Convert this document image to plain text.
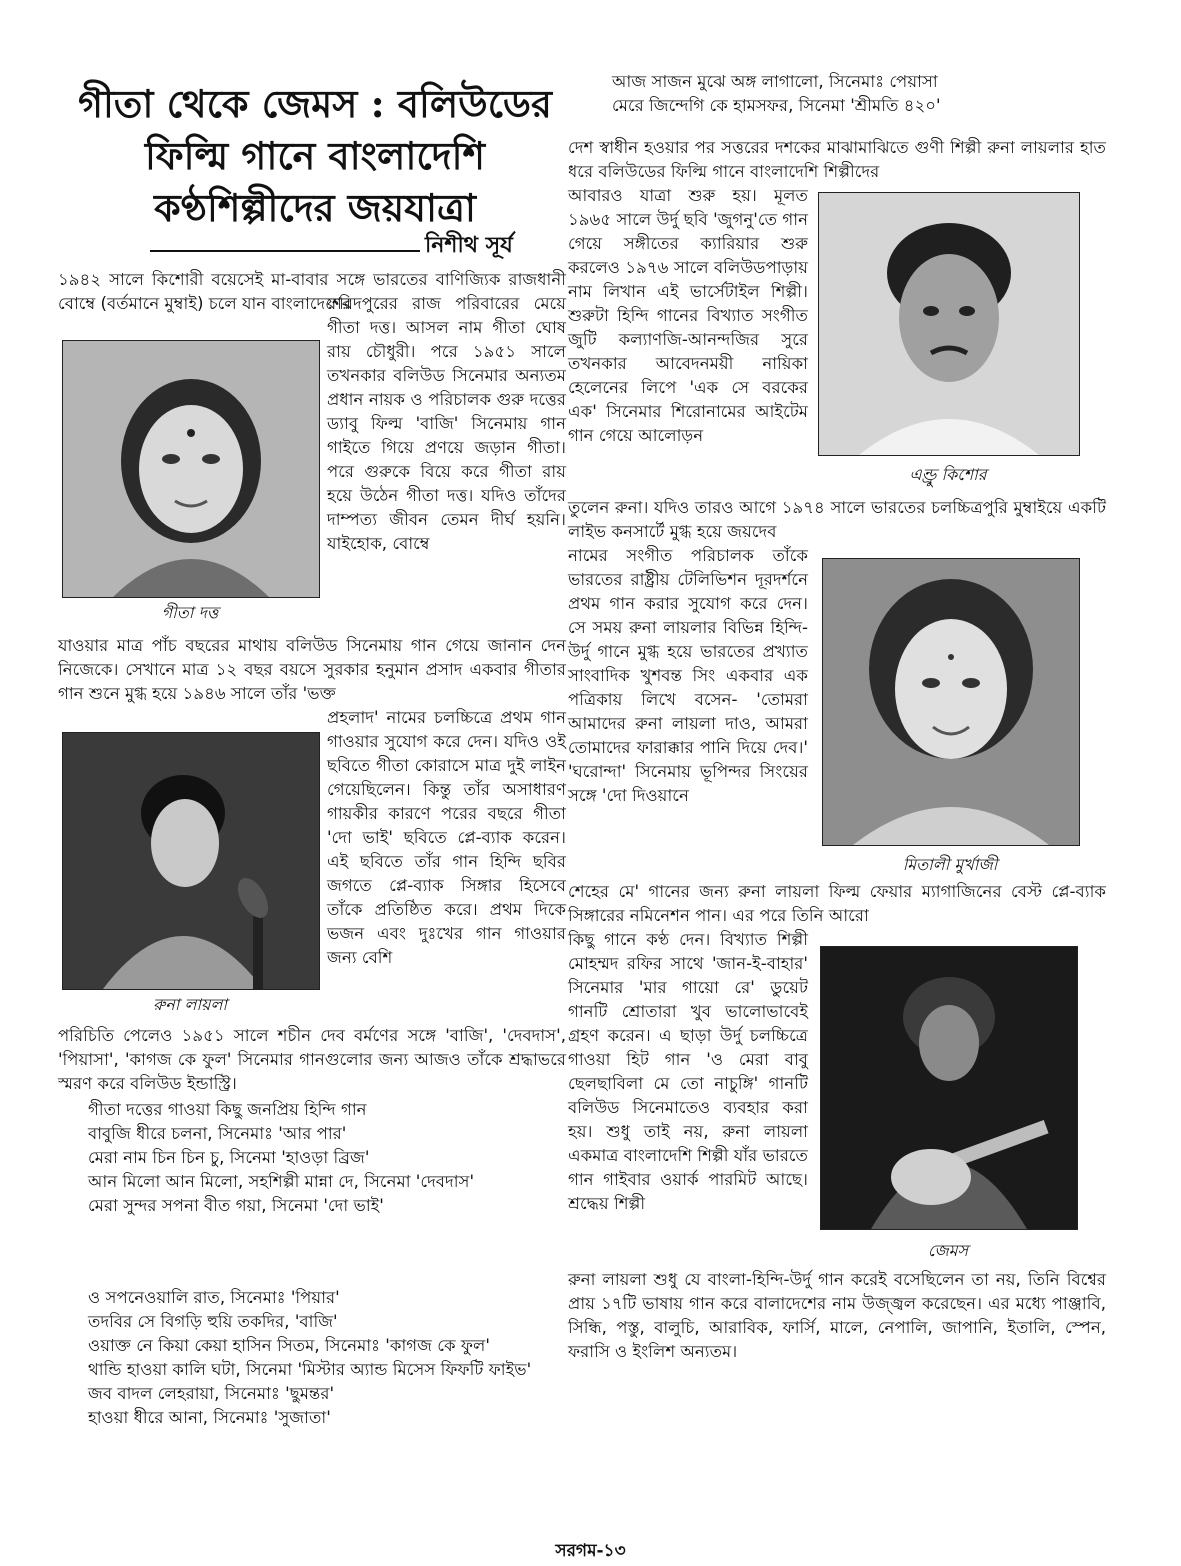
গীতা থেকে জেমস : বলিউডের
ফিল্মি গানে বাংলাদেশি
কণ্ঠশিল্পীদের জয়যাত্রা
নিশীথ সূর্য

১৯৪২ সালে কিশোরী বয়েসেই মা-বাবার সঙ্গে ভারতের বাণিজ্যিক রাজধানী বোম্বে (বর্তমানে মুম্বাই) চলে যান বাংলাদেশের

গীতা দত্ত

ফরিদপুরের রাজ পরিবারের মেয়ে গীতা দত্ত। আসল নাম গীতা ঘোষ রায় চৌধুরী। পরে ১৯৫১ সালে তখনকার বলিউড সিনেমার অন্যতম প্রধান নায়ক ও পরিচালক গুরু দত্তের ড্যাবু ফিল্ম 'বাজি' সিনেমায় গান গাইতে গিয়ে প্রণয়ে জড়ান গীতা। পরে গুরুকে বিয়ে করে গীতা রায় হয়ে উঠেন গীতা দত্ত। যদিও তাঁদের দাম্পত্য জীবন তেমন দীর্ঘ হয়নি। যাইহোক, বোম্বে

যাওয়ার মাত্র পাঁচ বছরের মাথায় বলিউড সিনেমায় গান গেয়ে জানান দেন নিজেকে। সেখানে মাত্র ১২ বছর বয়সে সুরকার হনুমান প্রসাদ একবার গীতার গান শুনে মুগ্ধ হয়ে ১৯৪৬ সালে তাঁর 'ভক্ত

রুনা লায়লা

প্রহলাদ' নামের চলচ্চিত্রে প্রথম গান গাওয়ার সুযোগ করে দেন। যদিও ওই ছবিতে গীতা কোরাসে মাত্র দুই লাইন গেয়েছিলেন। কিন্তু তাঁর অসাধারণ গায়কীর কারণে পরের বছরে গীতা 'দো ভাই' ছবিতে প্লে-ব্যাক করেন। এই ছবিতে তাঁর গান হিন্দি ছবির জগতে প্লে-ব্যাক সিঙ্গার হিসেবে তাঁকে প্রতিষ্ঠিত করে। প্রথম দিকে ভজন এবং দুঃখের গান গাওয়ার জন্য বেশি

পরিচিতি পেলেও ১৯৫১ সালে শচীন দেব বর্মণের সঙ্গে 'বাজি', 'দেবদাস', 'পিয়াসা', 'কাগজ কে ফুল' সিনেমার গানগুলোর জন্য আজও তাঁকে শ্রদ্ধাভরে স্মরণ করে বলিউড ইন্ডাস্ট্রি।

গীতা দত্তের গাওয়া কিছু জনপ্রিয় হিন্দি গান
বাবুজি ধীরে চলনা, সিনেমাঃ 'আর পার'
মেরা নাম চিন চিন চু, সিনেমা 'হাওড়া ব্রিজ'
আন মিলো আন মিলো, সহশিল্পী মান্না দে, সিনেমা 'দেবদাস'
মেরা সুন্দর সপনা বীত গয়া, সিনেমা 'দো ভাই'
ও সপনেওয়ালি রাত, সিনেমাঃ 'পিয়ার'
তদবির সে বিগড়ি হুয়ি তকদির, 'বাজি'
ওয়াক্ত নে কিয়া কেয়া হাসিন সিতম, সিনেমাঃ 'কাগজ কে ফুল'
থান্ডি হাওয়া কালি ঘটা, সিনেমা 'মিস্টার অ্যান্ড মিসেস ফিফটি ফাইভ'
জব বাদল লেহরায়া, সিনেমাঃ 'ছুমন্তর'
হাওয়া ধীরে আনা, সিনেমাঃ 'সুজাতা'
আজ সাজন মুঝে অঙ্গ লাগালো, সিনেমাঃ পেয়াসা
মেরে জিন্দেগি কে হামসফর, সিনেমা 'শ্রীমতি ৪২০'

দেশ স্বাধীন হওয়ার পর সত্তরের দশকের মাঝামাঝিতে গুণী শিল্পী রুনা লায়লার হাত ধরে বলিউডের ফিল্মি গানে বাংলাদেশি শিল্পীদের

আবারও যাত্রা শুরু হয়। মূলত ১৯৬৫ সালে উর্দু ছবি 'জুগনু'তে গান গেয়ে সঙ্গীতের ক্যারিয়ার শুরু করলেও ১৯৭৬ সালে বলিউডপাড়ায় নাম লিখান এই ভার্সেটাইল শিল্পী। শুরুটা হিন্দি গানের বিখ্যাত সংগীত জুটি কল্যাণজি-আনন্দজির সুরে তখনকার আবেদনময়ী নায়িকা হেলেনের লিপে 'এক সে বরকের এক' সিনেমার শিরোনামের আইটেম গান গেয়ে আলোড়ন

এণ্ড্রু কিশোর

তুলেন রুনা। যদিও তারও আগে ১৯৭৪ সালে ভারতের চলচ্চিত্রপুরি মুম্বাইয়ে একটি লাইভ কনসার্টে মুগ্ধ হয়ে জয়দেব

নামের সংগীত পরিচালক তাঁকে ভারতের রাষ্ট্রীয় টেলিভিশন দূরদর্শনে প্রথম গান করার সুযোগ করে দেন। সে সময় রুনা লায়লার বিভিন্ন হিন্দি-উর্দু গানে মুগ্ধ হয়ে ভারতের প্রখ্যাত সাংবাদিক খুশবন্ত সিং একবার এক পত্রিকায় লিখে বসেন- 'তোমরা আমাদের রুনা লায়লা দাও, আমরা তোমাদের ফারাক্কার পানি দিয়ে দেব।' 'ঘরোন্দা' সিনেমায় ভূপিন্দর সিংয়ের সঙ্গে 'দো দিওয়ানে

মিতালী মুর্খাজী

শেহের মে' গানের জন্য রুনা লায়লা ফিল্ম ফেয়ার ম্যাগাজিনের বেস্ট প্লে-ব্যাক সিঙ্গারের নমিনেশন পান। এর পরে তিনি আরো

কিছু গানে কণ্ঠ দেন। বিখ্যাত শিল্পী মোহম্মদ রফির সাথে 'জান-ই-বাহার' সিনেমার 'মার গায়ো রে' ডুয়েট গানটি শ্রোতারা খুব ভালোভাবেই গ্রহণ করেন। এ ছাড়া উর্দু চলচ্চিত্রে গাওয়া হিট গান 'ও মেরা বাবু ছেলছাবিলা মে তো নাচুঙ্গি' গানটি বলিউড সিনেমাতেও ব্যবহার করা হয়। শুধু তাই নয়, রুনা লায়লা একমাত্র বাংলাদেশি শিল্পী যাঁর ভারতে গান গাইবার ওয়ার্ক পারমিট আছে। শ্রদ্ধেয় শিল্পী

জেমস

রুনা লায়লা শুধু যে বাংলা-হিন্দি-উর্দু গান করেই বসেছিলেন তা নয়, তিনি বিশ্বের প্রায় ১৭টি ভাষায় গান করে বালাদেশের নাম উজ্জ্বল করেছেন। এর মধ্যে পাঞ্জাবি, সিন্ধি, পস্তু, বালুচি, আরাবিক, ফার্সি, মালে, নেপালি, জাপানি, ইতালি, স্পেন, ফরাসি ও ইংলিশ অন্যতম।

সরগম-১৩
